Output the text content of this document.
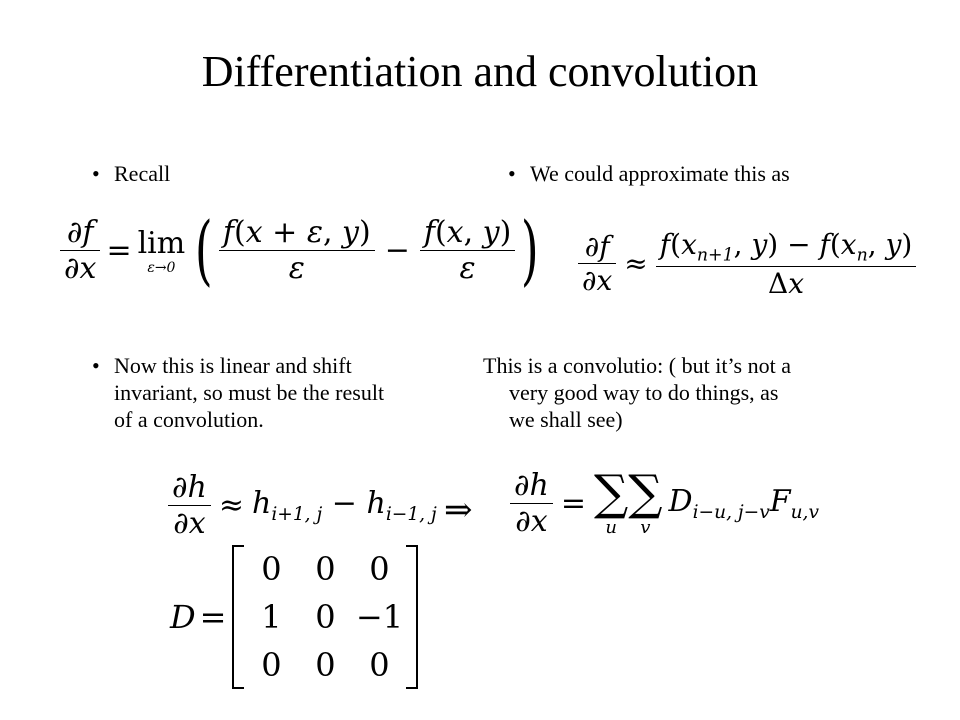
Differentiation and convolution
• Recall
• Now this is linear and shift
invariant, so must be the result
of a convolution.
• We could approximate this as
This is a convolutio: ( but it’s not a
very good way to do things, as
we shall see)
$\frac{\partial f}{\partial x} = \lim$
ε→0 ( $\frac{f(x + \varepsilon, y)}{\varepsilon} - \frac{f(x, y)}{\varepsilon}$ ) $\frac{\partial f}{\partial x} \approx \frac{f(x_{n+1}, y) - f(x_n, y)}{\Delta x}$
$\frac{\partial h}{\partial x} \approx h_{i+1, j} - h_{i-1, j}$ ⇒ $\frac{\partial h}{\partial x}$ = ∑
u
∑
v
$D_{i-u, j-v}F_{u,v}$
D =
0	0	0
1	0	−1
0	0	0
